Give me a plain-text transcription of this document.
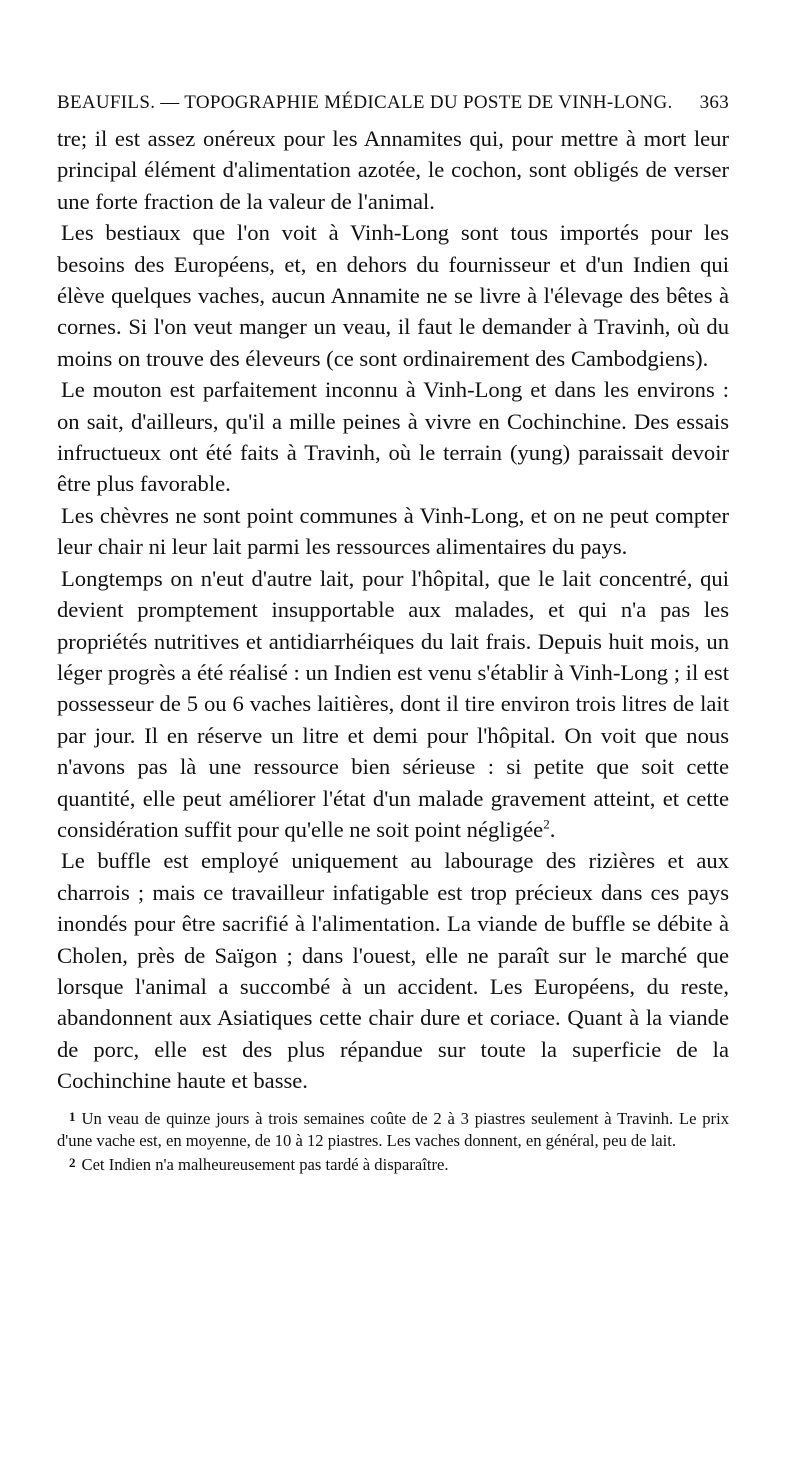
BEAUFILS. — TOPOGRAPHIE MÉDICALE DU POSTE DE VINH-LONG. 363

tre; il est assez onéreux pour les Annamites qui, pour mettre à mort leur principal élément d'alimentation azotée, le cochon, sont obligés de verser une forte fraction de la valeur de l'animal.

Les bestiaux que l'on voit à Vinh-Long sont tous importés pour les besoins des Européens, et, en dehors du fournisseur et d'un Indien qui élève quelques vaches, aucun Annamite ne se livre à l'élevage des bêtes à cornes. Si l'on veut manger un veau, il faut le demander à Travinh, où du moins on trouve des éleveurs (ce sont ordinairement des Cambodgiens).

Le mouton est parfaitement inconnu à Vinh-Long et dans les environs : on sait, d'ailleurs, qu'il a mille peines à vivre en Cochinchine. Des essais infructueux ont été faits à Travinh, où le terrain (yung) paraissait devoir être plus favorable.

Les chèvres ne sont point communes à Vinh-Long, et on ne peut compter leur chair ni leur lait parmi les ressources alimentaires du pays.

Longtemps on n'eut d'autre lait, pour l'hôpital, que le lait concentré, qui devient promptement insupportable aux malades, et qui n'a pas les propriétés nutritives et antidiarrhéiques du lait frais. Depuis huit mois, un léger progrès a été réalisé : un Indien est venu s'établir à Vinh-Long ; il est possesseur de 5 ou 6 vaches laitières, dont il tire environ trois litres de lait par jour. Il en réserve un litre et demi pour l'hôpital. On voit que nous n'avons pas là une ressource bien sérieuse : si petite que soit cette quantité, elle peut améliorer l'état d'un malade gravement atteint, et cette considération suffit pour qu'elle ne soit point négligée$^2$.

Le buffle est employé uniquement au labourage des rizières et aux charrois ; mais ce travailleur infatigable est trop précieux dans ces pays inondés pour être sacrifié à l'alimentation. La viande de buffle se débite à Cholen, près de Saïgon ; dans l'ouest, elle ne paraît sur le marché que lorsque l'animal a succombé à un accident. Les Européens, du reste, abandonnent aux Asiatiques cette chair dure et coriace. Quant à la viande de porc, elle est des plus répandue sur toute la superficie de la Cochinchine haute et basse.

1 Un veau de quinze jours à trois semaines coûte de 2 à 3 piastres seulement à Travinh. Le prix d'une vache est, en moyenne, de 10 à 12 piastres. Les vaches donnent, en général, peu de lait.

2 Cet Indien n'a malheureusement pas tardé à disparaître.
